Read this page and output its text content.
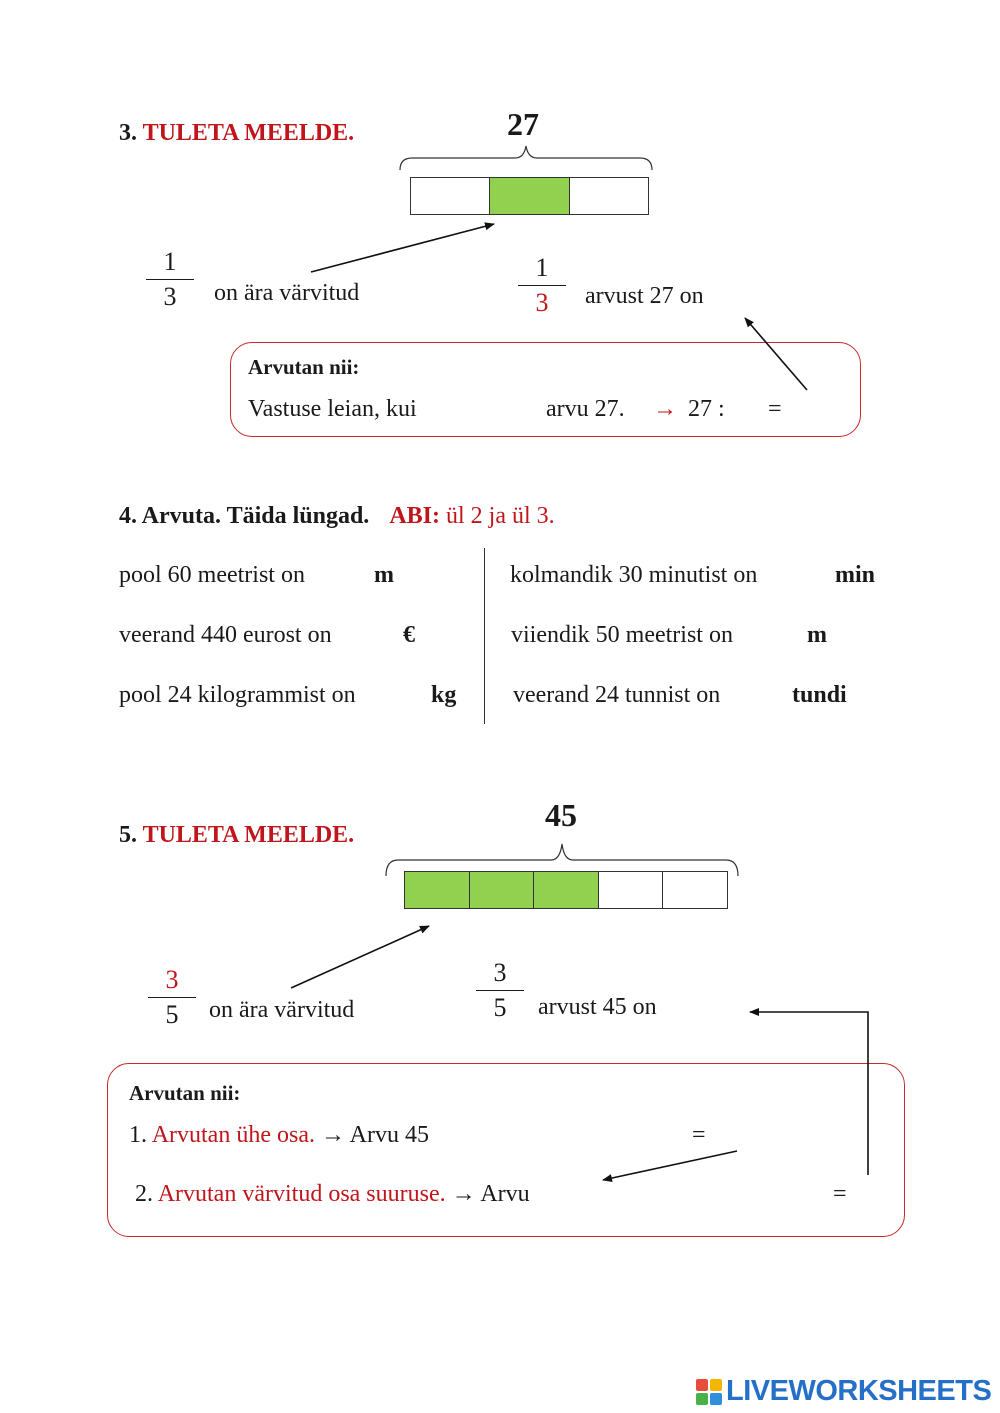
3. TULETA MEELDE.	27
1
3	on ära värvitud
1
3	arvust 27 on
Arvutan nii:
Vastuse leian, kui	arvu 27. → 27 : =
4. Arvuta. Täida lüngad. ABI: ül 2 ja ül 3.
pool 60 meetrist on	m
veerand 440 eurost on	€
pool 24 kilogrammist on	kg
kolmandik 30 minutist on	min
viiendik 50 meetrist on	m
veerand 24 tunnist on	tundi
5. TULETA MEELDE.
45
3
5	on ära värvitud
3
5	arvust 45 on
Arvutan nii:
1. Arvutan ühe osa. → Arvu 45	=
2. Arvutan värvitud osa suuruse. → Arvu	=
LIVEWORKSHEETS
